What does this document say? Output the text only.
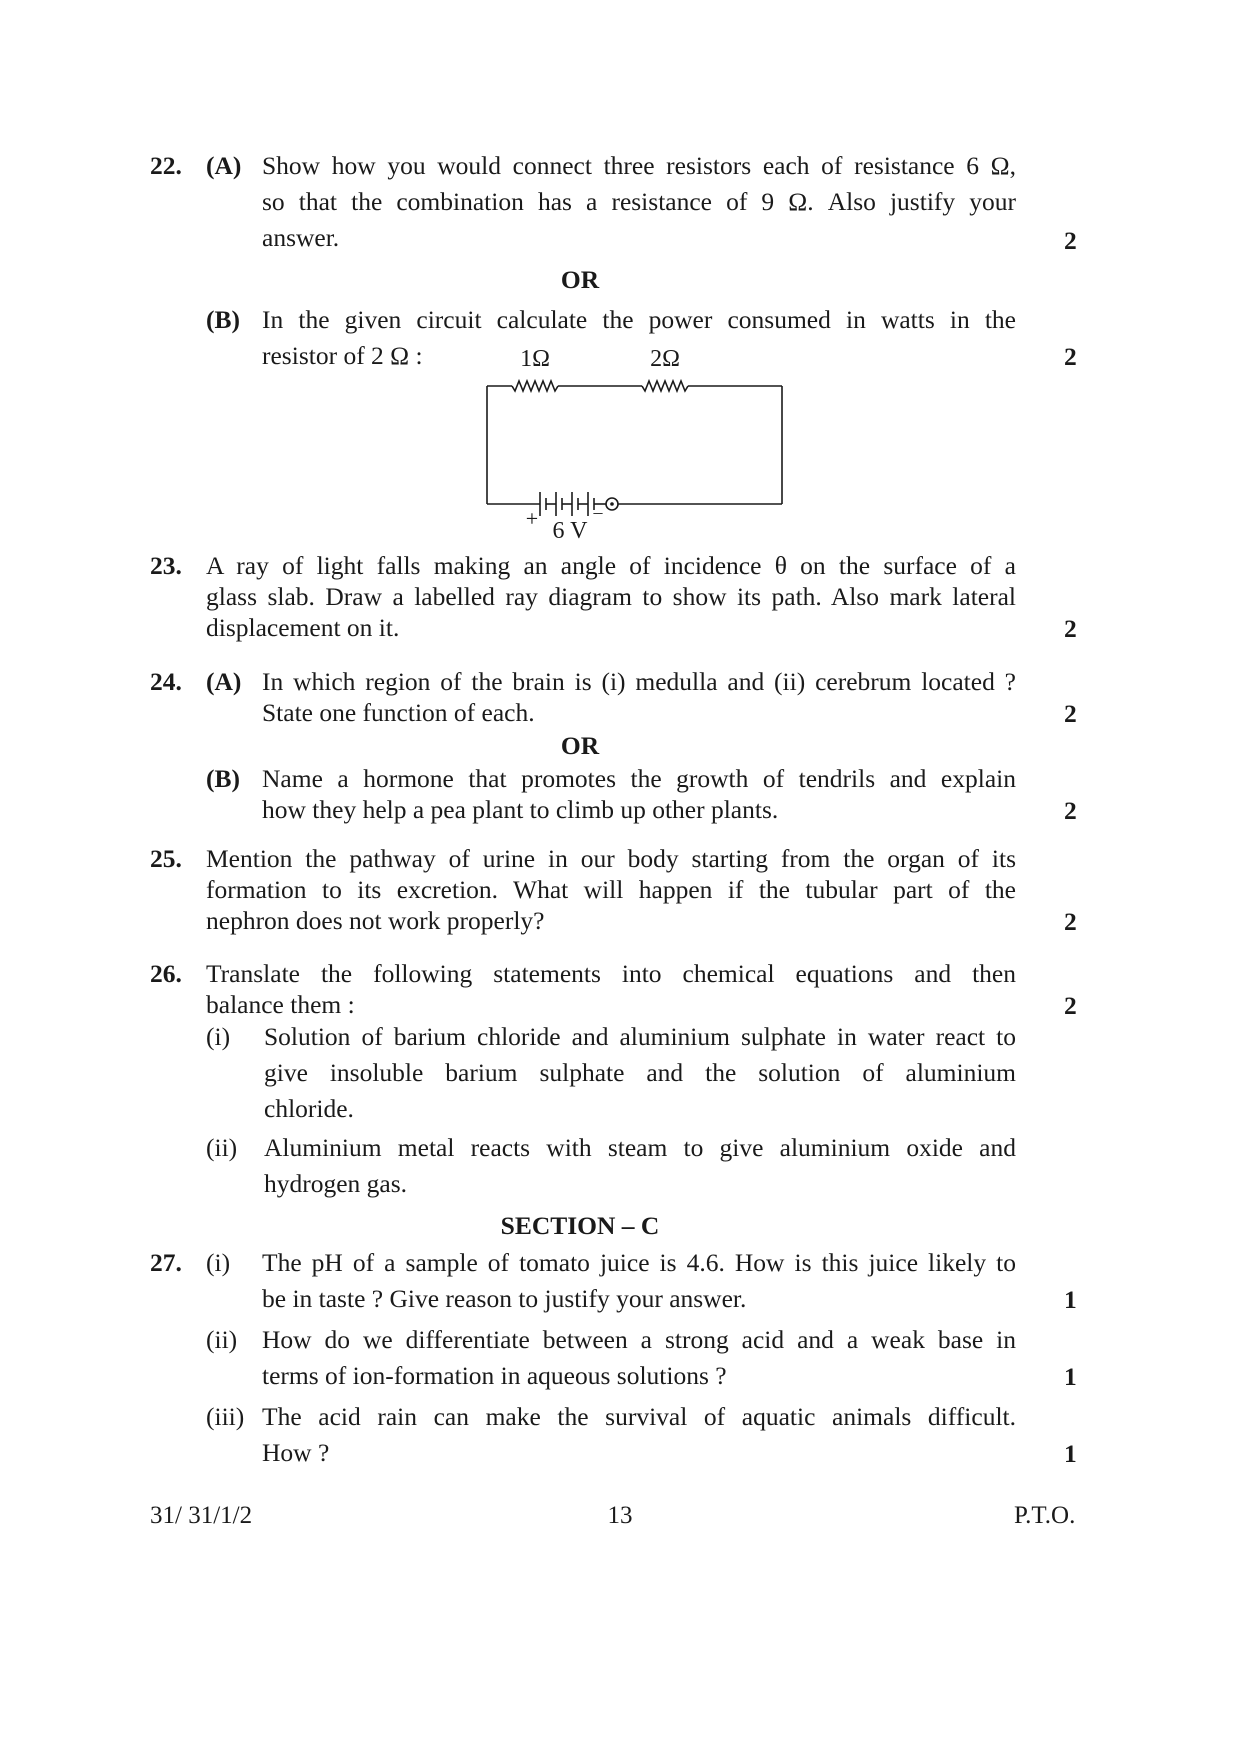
22. (A) Show how you would connect three resistors each of resistance 6 Ω,
so that the combination has a resistance of 9 Ω. Also justify your
answer.	2
OR
(B) In the given circuit calculate the power consumed in watts in the
resistor of 2 Ω :	2
1Ω	2Ω
+	–
6 V
23. A ray of light falls making an angle of incidence θ on the surface of a
glass slab. Draw a labelled ray diagram to show its path. Also mark lateral
displacement on it.	2
24. (A) In which region of the brain is (i) medulla and (ii) cerebrum located ?
State one function of each.	2
OR
(B) Name a hormone that promotes the growth of tendrils and explain
how they help a pea plant to climb up other plants.	2
25. Mention the pathway of urine in our body starting from the organ of its
formation to its excretion. What will happen if the tubular part of the
nephron does not work properly?	2
26. Translate the following statements into chemical equations and then
balance them :	2
(i) Solution of barium chloride and aluminium sulphate in water react to
give insoluble barium sulphate and the solution of aluminium
chloride.
(ii) Aluminium metal reacts with steam to give aluminium oxide and
hydrogen gas.
SECTION – C
27. (i) The pH of a sample of tomato juice is 4.6. How is this juice likely to
be in taste ? Give reason to justify your answer.	1
(ii) How do we differentiate between a strong acid and a weak base in
terms of ion-formation in aqueous solutions ?	1
(iii) The acid rain can make the survival of aquatic animals difficult.
How ?	1
31/ 31/1/2	13	P.T.O.
